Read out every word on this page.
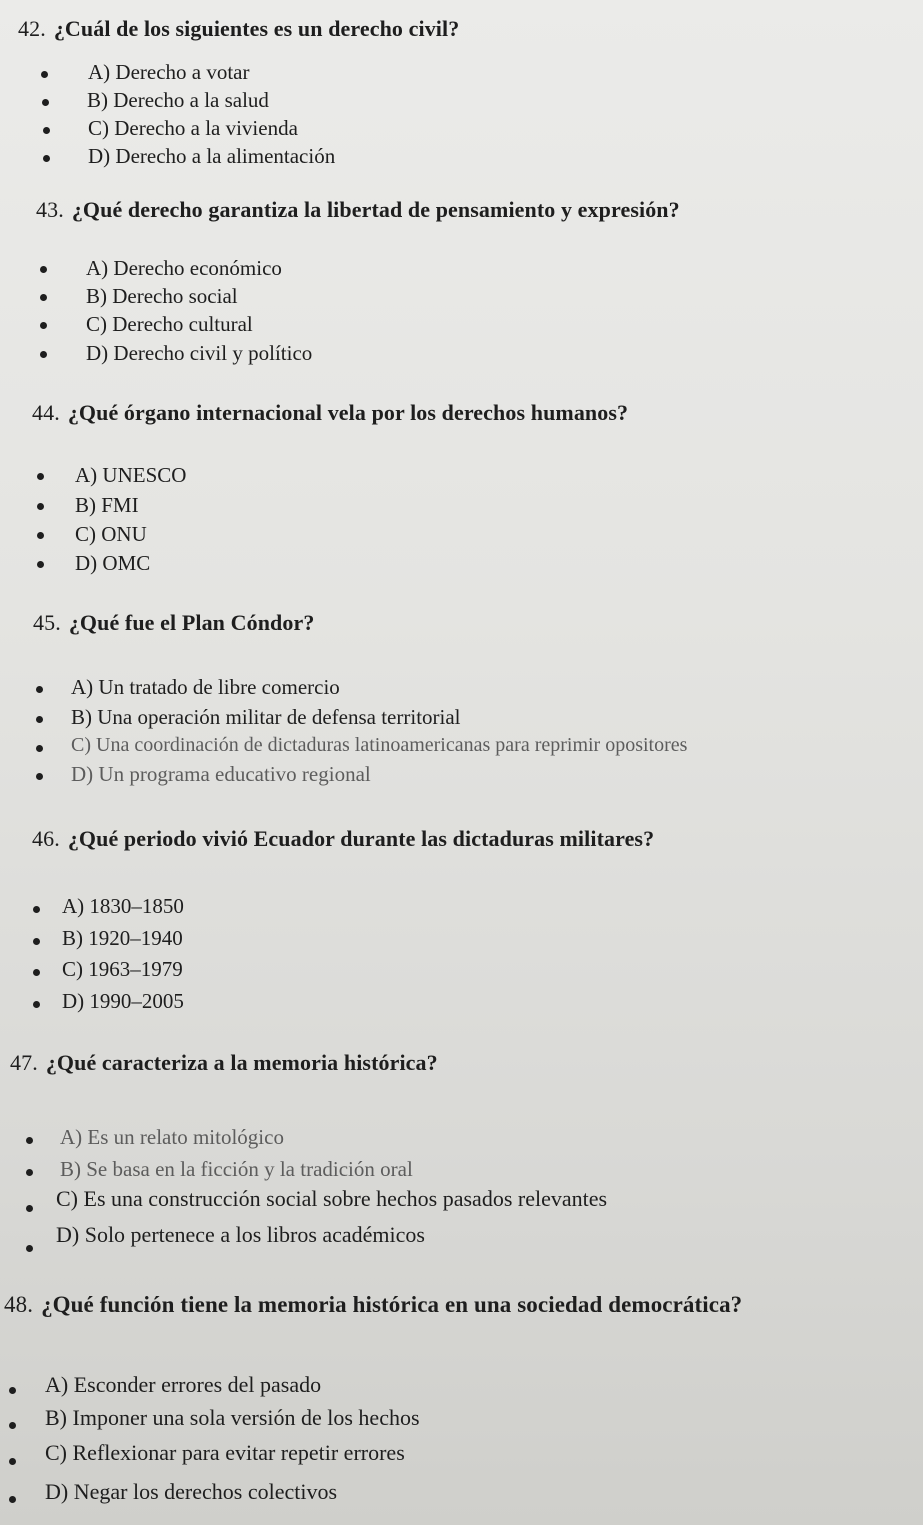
42. ¿Cuál de los siguientes es un derecho civil?
A) Derecho a votar
B) Derecho a la salud
C) Derecho a la vivienda
D) Derecho a la alimentación
43. ¿Qué derecho garantiza la libertad de pensamiento y expresión?
A) Derecho económico
B) Derecho social
C) Derecho cultural
D) Derecho civil y político
44. ¿Qué órgano internacional vela por los derechos humanos?
A) UNESCO
B) FMI
C) ONU
D) OMC
45. ¿Qué fue el Plan Cóndor?
A) Un tratado de libre comercio
B) Una operación militar de defensa territorial
C) Una coordinación de dictaduras latinoamericanas para reprimir opositores
D) Un programa educativo regional
46. ¿Qué periodo vivió Ecuador durante las dictaduras militares?
A) 1830–1850
B) 1920–1940
C) 1963–1979
D) 1990–2005
47. ¿Qué caracteriza a la memoria histórica?
A) Es un relato mitológico
B) Se basa en la ficción y la tradición oral
C) Es una construcción social sobre hechos pasados relevantes
D) Solo pertenece a los libros académicos
48. ¿Qué función tiene la memoria histórica en una sociedad democrática?
A) Esconder errores del pasado
B) Imponer una sola versión de los hechos
C) Reflexionar para evitar repetir errores
D) Negar los derechos colectivos
